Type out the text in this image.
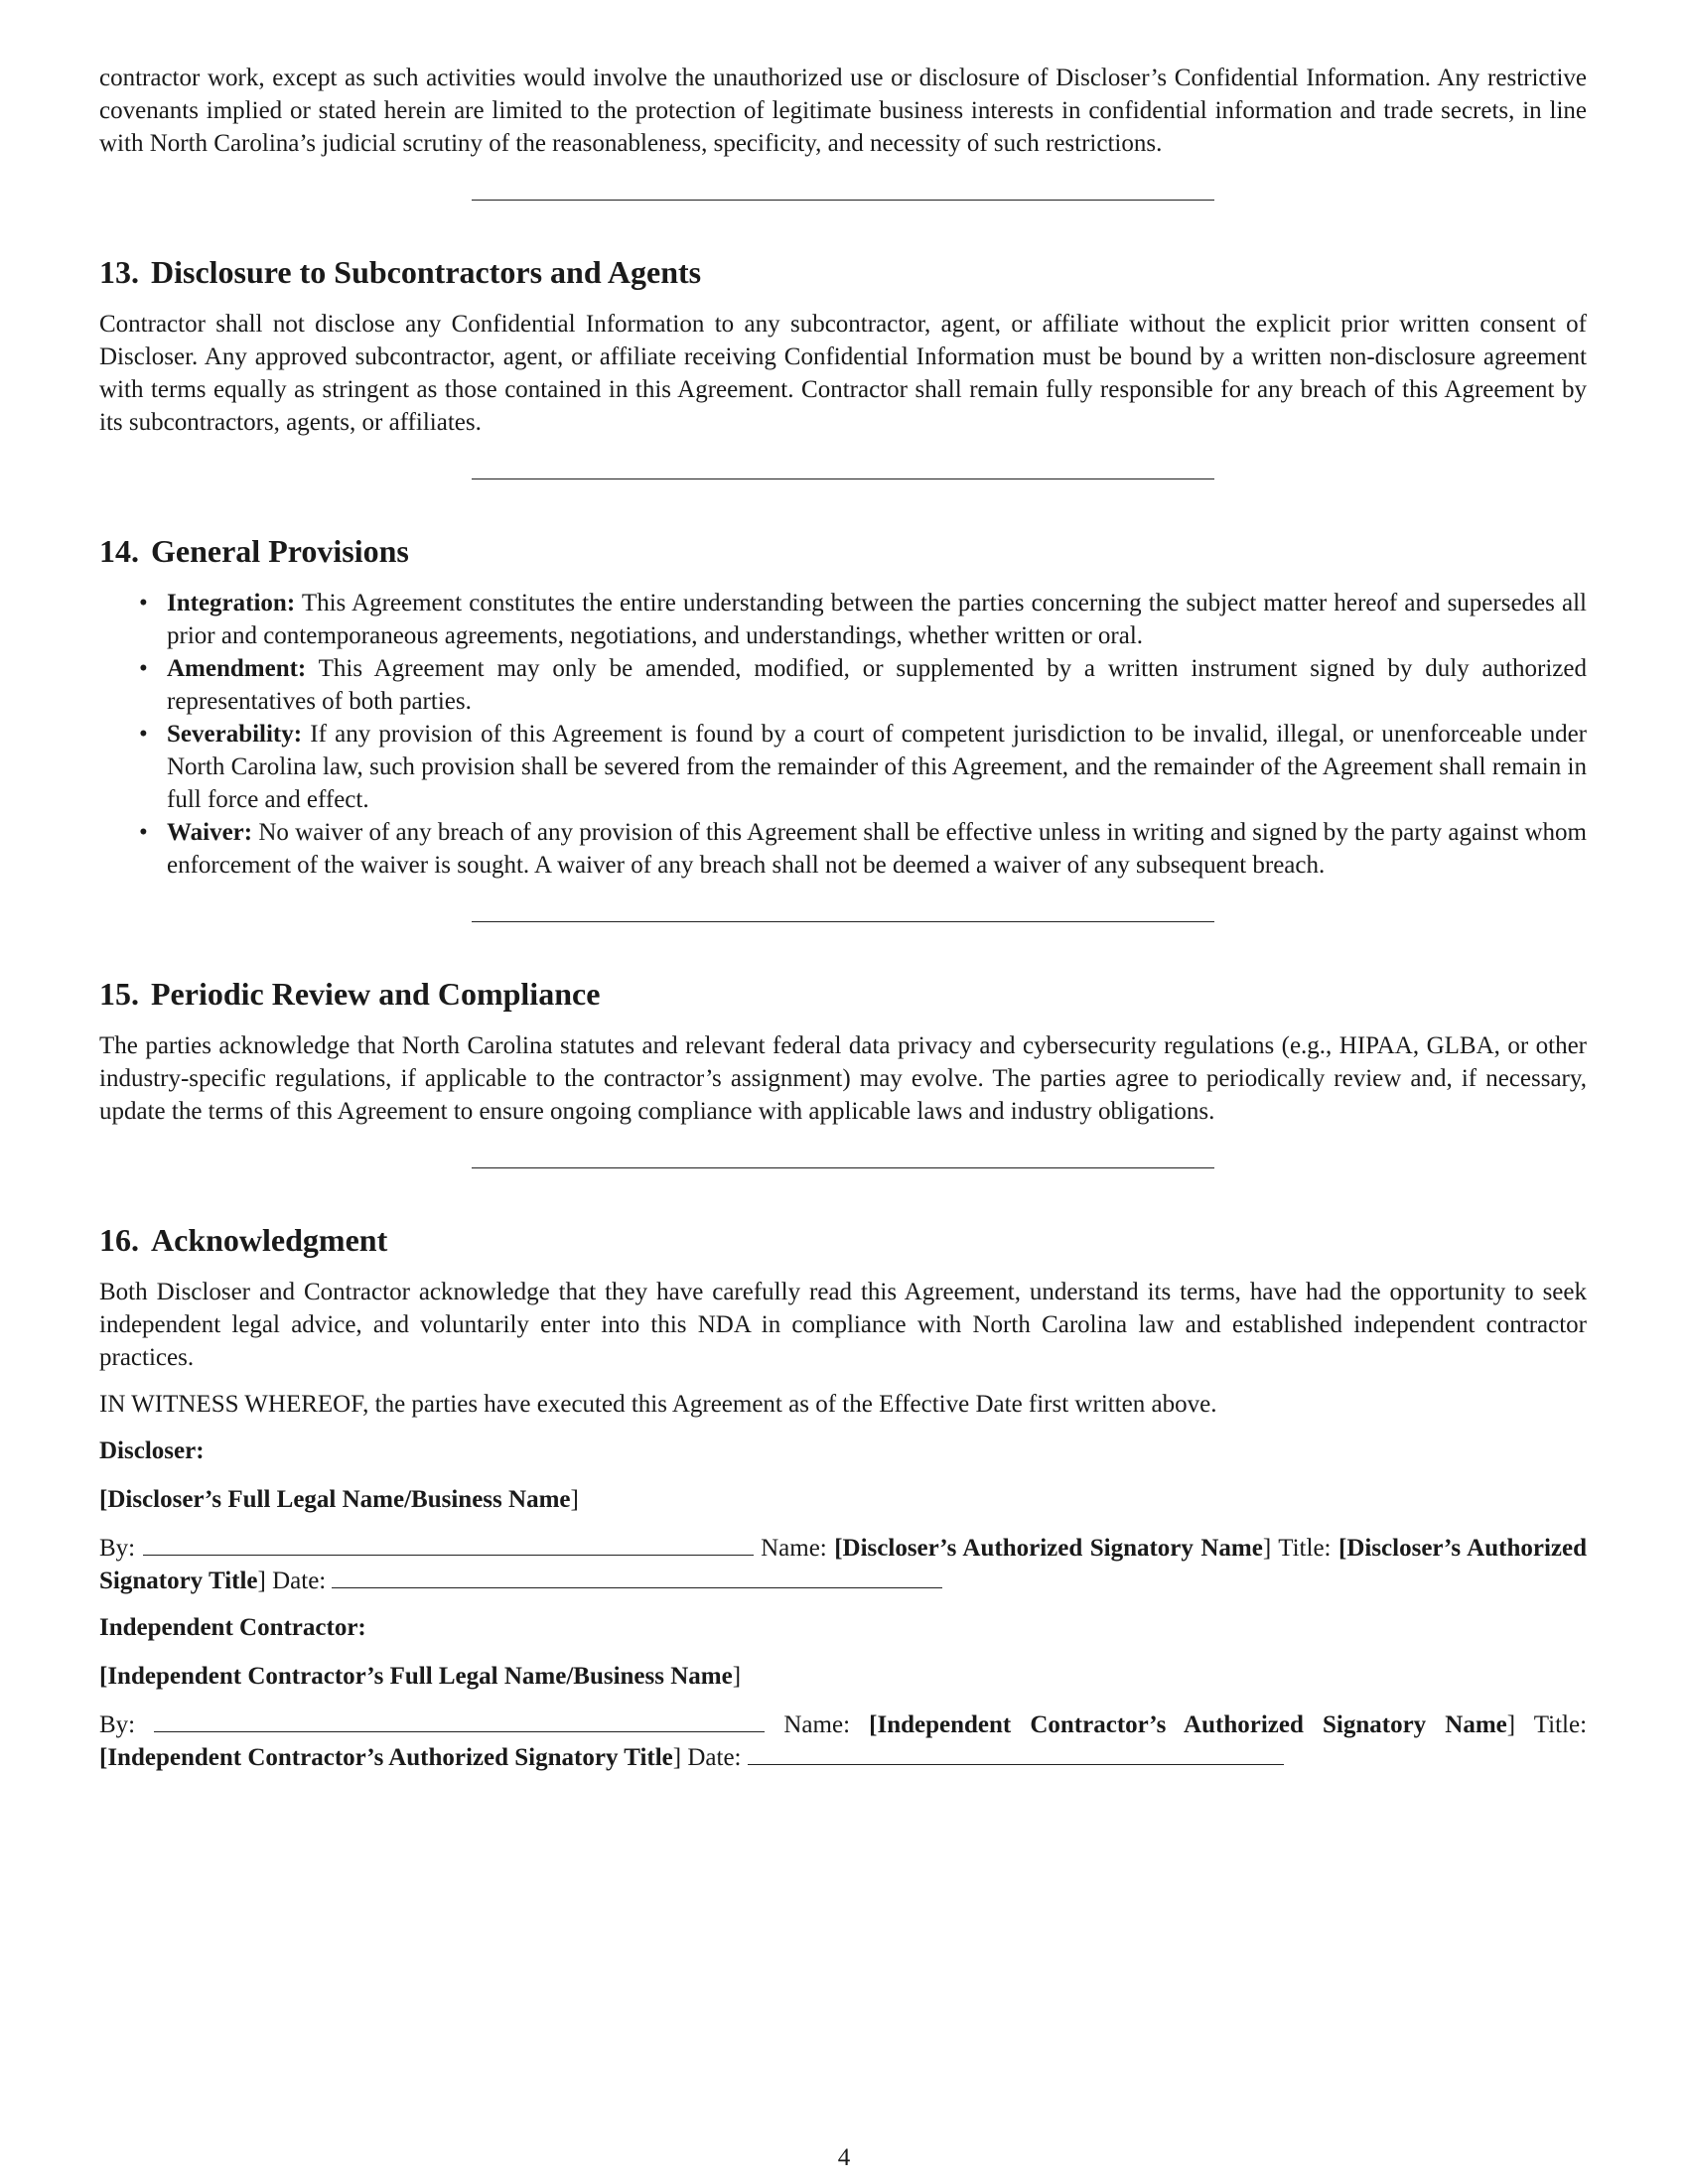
contractor work, except as such activities would involve the unauthorized use or disclosure of Discloser’s Confidential Information. Any restrictive covenants implied or stated herein are limited to the protection of legitimate business interests in confidential information and trade secrets, in line with North Carolina’s judicial scrutiny of the reasonableness, specificity, and necessity of such restrictions.

13. Disclosure to Subcontractors and Agents

Contractor shall not disclose any Confidential Information to any subcontractor, agent, or affiliate without the explicit prior written consent of Discloser. Any approved subcontractor, agent, or affiliate receiving Confidential Information must be bound by a written non-disclosure agreement with terms equally as stringent as those contained in this Agreement. Contractor shall remain fully responsible for any breach of this Agreement by its subcontractors, agents, or affiliates.

14. General Provisions
• Integration: This Agreement constitutes the entire understanding between the parties concerning the subject matter hereof and supersedes all prior and contemporaneous agreements, negotiations, and understandings, whether written or oral.
• Amendment: This Agreement may only be amended, modified, or supplemented by a written instrument signed by duly authorized representatives of both parties.
• Severability: If any provision of this Agreement is found by a court of competent jurisdiction to be invalid, illegal, or unenforceable under North Carolina law, such provision shall be severed from the remainder of this Agreement, and the remainder of the Agreement shall remain in full force and effect.
• Waiver: No waiver of any breach of any provision of this Agreement shall be effective unless in writing and signed by the party against whom enforcement of the waiver is sought. A waiver of any breach shall not be deemed a waiver of any subsequent breach.
15. Periodic Review and Compliance

The parties acknowledge that North Carolina statutes and relevant federal data privacy and cybersecurity regulations (e.g., HIPAA, GLBA, or other industry-specific regulations, if applicable to the contractor’s assignment) may evolve. The parties agree to periodically review and, if necessary, update the terms of this Agreement to ensure ongoing compliance with applicable laws and industry obligations.

16. Acknowledgment

Both Discloser and Contractor acknowledge that they have carefully read this Agreement, understand its terms, have had the opportunity to seek independent legal advice, and voluntarily enter into this NDA in compliance with North Carolina law and established independent contractor practices.

IN WITNESS WHEREOF, the parties have executed this Agreement as of the Effective Date first written above.

Discloser:

[Discloser’s Full Legal Name/Business Name]

By:	Name: [Discloser’s Authorized Signatory Name] Title: [Discloser’s Authorized Signatory Title] Date:

Independent Contractor:

[Independent Contractor’s Full Legal Name/Business Name]

By:	Name: [Independent Contractor’s Authorized Signatory Name] Title: [Independent Contractor’s Authorized Signatory Title] Date:

4
